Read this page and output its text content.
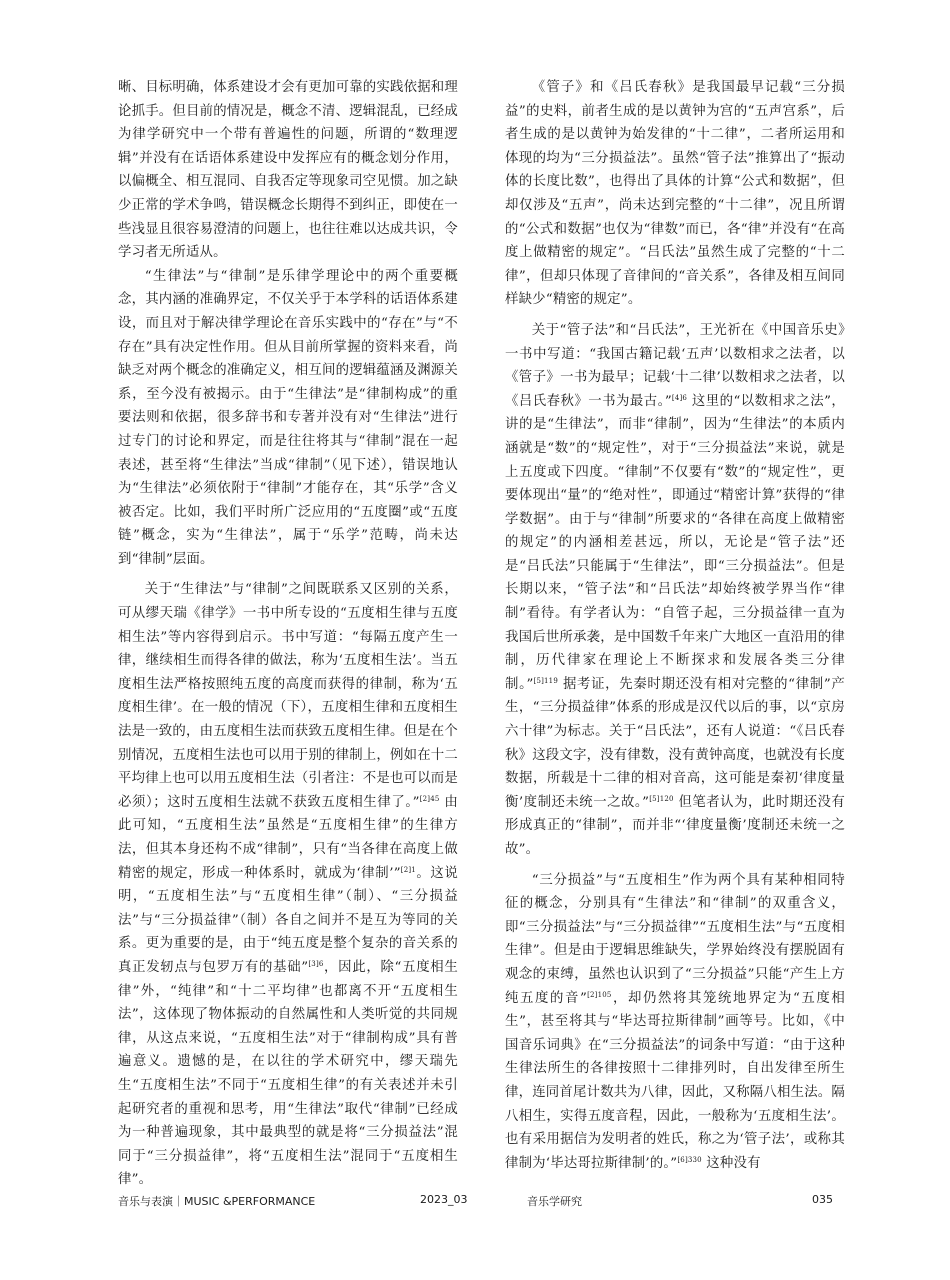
晰、目标明确，体系建设才会有更加可靠的实践依据和理论抓手。但目前的情况是，概念不清、逻辑混乱，已经成为律学研究中一个带有普遍性的问题，所谓的“数理逻辑”并没有在话语体系建设中发挥应有的概念划分作用，以偏概全、相互混同、自我否定等现象司空见惯。加之缺少正常的学术争鸣，错误概念长期得不到纠正，即使在一些浅显且很容易澄清的问题上，也往往难以达成共识，令学习者无所适从。

“生律法”与“律制”是乐律学理论中的两个重要概念，其内涵的准确界定，不仅关乎于本学科的话语体系建设，而且对于解决律学理论在音乐实践中的“存在”与“不存在”具有决定性作用。但从目前所掌握的资料来看，尚缺乏对两个概念的准确定义，相互间的逻辑蕴涵及渊源关系，至今没有被揭示。由于“生律法”是“律制构成”的重要法则和依据，很多辞书和专著并没有对“生律法”进行过专门的讨论和界定，而是往往将其与“律制”混在一起表述，甚至将“生律法”当成“律制”（见下述），错误地认为“生律法”必须依附于“律制”才能存在，其“乐学”含义被否定。比如，我们平时所广泛应用的“五度圈”或“五度链”概念，实为“生律法”，属于“乐学”范畴，尚未达到“律制”层面。

关于“生律法”与“律制”之间既联系又区别的关系，可从缪天瑞《律学》一书中所专设的“五度相生律与五度相生法”等内容得到启示。书中写道：“每隔五度产生一律，继续相生而得各律的做法，称为‘五度相生法’。当五度相生法严格按照纯五度的高度而获得的律制，称为‘五度相生律’。在一般的情况（下），五度相生律和五度相生法是一致的，由五度相生法而获致五度相生律。但是在个别情况，五度相生法也可以用于别的律制上，例如在十二平均律上也可以用五度相生法（引者注：不是也可以而是必须）；这时五度相生法就不获致五度相生律了。”$^{[2]45}$ 由此可知，“五度相生法”虽然是“五度相生律”的生律方法，但其本身还构不成“律制”，只有“当各律在高度上做精密的规定，形成一种体系时，就成为‘律制’”$^{[2]1}$。这说明，“五度相生法”与“五度相生律”（制）、“三分损益法”与“三分损益律”（制）各自之间并不是互为等同的关系。更为重要的是，由于“纯五度是整个复杂的音关系的真正发轫点与包罗万有的基础”$^{[3]6}$，因此，除“五度相生律”外，“纯律”和“十二平均律”也都离不开“五度相生法”，这体现了物体振动的自然属性和人类听觉的共同规律，从这点来说，“五度相生法”对于“律制构成”具有普遍意义。遗憾的是，在以往的学术研究中，缪天瑞先生“五度相生法”不同于“五度相生律”的有关表述并未引起研究者的重视和思考，用“生律法”取代“律制”已经成为一种普遍现象，其中最典型的就是将“三分损益法”混同于“三分损益律”，将“五度相生法”混同于“五度相生律”。

《管子》和《吕氏春秋》是我国最早记载“三分损益”的史料，前者生成的是以黄钟为宫的“五声宫系”，后者生成的是以黄钟为始发律的“十二律”，二者所运用和体现的均为“三分损益法”。虽然“管子法”推算出了“振动体的长度比数”，也得出了具体的计算“公式和数据”，但却仅涉及“五声”，尚未达到完整的“十二律”，况且所谓的“公式和数据”也仅为“律数”而已，各“律”并没有“在高度上做精密的规定”。“吕氏法”虽然生成了完整的“十二律”，但却只体现了音律间的“音关系”，各律及相互间同样缺少“精密的规定”。

关于“管子法”和“吕氏法”，王光祈在《中国音乐史》一书中写道：“我国古籍记载‘五声’以数相求之法者，以《管子》一书为最早；记载‘十二律’以数相求之法者，以《吕氏春秋》一书为最古。”$^{[4]6}$ 这里的“以数相求之法”，讲的是“生律法”，而非“律制”，因为“生律法”的本质内涵就是“数”的“规定性”，对于“三分损益法”来说，就是上五度或下四度。“律制”不仅要有“数”的“规定性”，更要体现出“量”的“绝对性”，即通过“精密计算”获得的“律学数据”。由于与“律制”所要求的“各律在高度上做精密的规定”的内涵相差甚远，所以，无论是“管子法”还是“吕氏法”只能属于“生律法”，即“三分损益法”。但是长期以来，“管子法”和“吕氏法”却始终被学界当作“律制”看待。有学者认为：“自管子起，三分损益律一直为我国后世所承袭，是中国数千年来广大地区一直沿用的律制，历代律家在理论上不断探求和发展各类三分律制。”$^{[5]119}$ 据考证，先秦时期还没有相对完整的“律制”产生，“三分损益律”体系的形成是汉代以后的事，以“京房六十律”为标志。关于“吕氏法”，还有人说道：“《吕氏春秋》这段文字，没有律数，没有黄钟高度，也就没有长度数据，所载是十二律的相对音高，这可能是秦初‘律度量衡’度制还未统一之故。”$^{[5]120}$ 但笔者认为，此时期还没有形成真正的“律制”，而并非“‘律度量衡’度制还未统一之故”。

“三分损益”与“五度相生”作为两个具有某种相同特征的概念，分别具有“生律法”和“律制”的双重含义，即“三分损益法”与“三分损益律”“五度相生法”与“五度相生律”。但是由于逻辑思维缺失，学界始终没有摆脱固有观念的束缚，虽然也认识到了“三分损益”只能“产生上方纯五度的音”$^{[2]105}$，却仍然将其笼统地界定为“五度相生”，甚至将其与“毕达哥拉斯律制”画等号。比如，《中国音乐词典》在“三分损益法”的词条中写道：“由于这种生律法所生的各律按照十二律排列时，自出发律至所生律，连同首尾计数共为八律，因此，又称隔八相生法。隔八相生，实得五度音程，因此，一般称为‘五度相生法’。也有采用据信为发明者的姓氏，称之为‘管子法’，或称其律制为‘毕达哥拉斯律制’的。”$^{[6]330}$ 这种没有

音乐与表演｜MUSIC &PERFORMANCE	2023_03	音乐学研究	035
